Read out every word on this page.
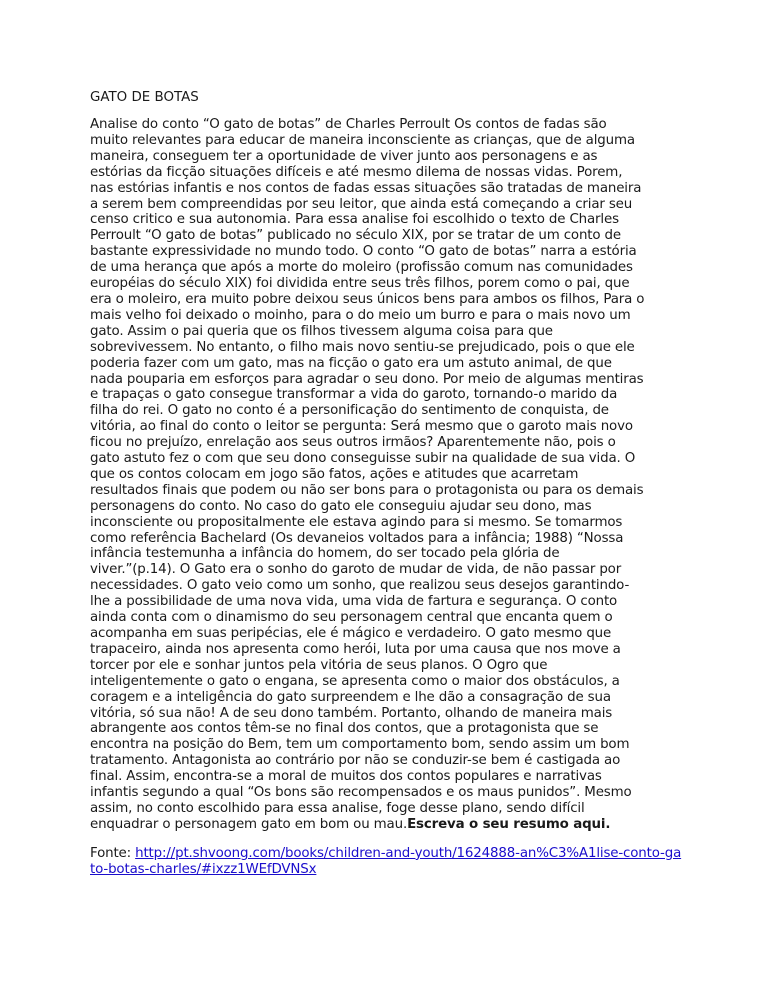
GATO DE BOTAS

Analise do conto “O gato de botas” de Charles Perroult Os contos de fadas são
muito relevantes para educar de maneira inconsciente as crianças, que de alguma
maneira, conseguem ter a oportunidade de viver junto aos personagens e as
estórias da ficção situações difíceis e até mesmo dilema de nossas vidas. Porem,
nas estórias infantis e nos contos de fadas essas situações são tratadas de maneira
a serem bem compreendidas por seu leitor, que ainda está começando a criar seu
censo critico e sua autonomia. Para essa analise foi escolhido o texto de Charles
Perroult “O gato de botas” publicado no século XIX, por se tratar de um conto de
bastante expressividade no mundo todo. O conto “O gato de botas” narra a estória
de uma herança que após a morte do moleiro (profissão comum nas comunidades
européias do século XIX) foi dividida entre seus três filhos, porem como o pai, que
era o moleiro, era muito pobre deixou seus únicos bens para ambos os filhos, Para o
mais velho foi deixado o moinho, para o do meio um burro e para o mais novo um
gato. Assim o pai queria que os filhos tivessem alguma coisa para que
sobrevivessem. No entanto, o filho mais novo sentiu-se prejudicado, pois o que ele
poderia fazer com um gato, mas na ficção o gato era um astuto animal, de que
nada pouparia em esforços para agradar o seu dono. Por meio de algumas mentiras
e trapaças o gato consegue transformar a vida do garoto, tornando-o marido da
filha do rei. O gato no conto é a personificação do sentimento de conquista, de
vitória, ao final do conto o leitor se pergunta: Será mesmo que o garoto mais novo
ficou no prejuízo, enrelação aos seus outros irmãos? Aparentemente não, pois o
gato astuto fez o com que seu dono conseguisse subir na qualidade de sua vida. O
que os contos colocam em jogo são fatos, ações e atitudes que acarretam
resultados finais que podem ou não ser bons para o protagonista ou para os demais
personagens do conto. No caso do gato ele conseguiu ajudar seu dono, mas
inconsciente ou propositalmente ele estava agindo para si mesmo. Se tomarmos
como referência Bachelard (Os devaneios voltados para a infância; 1988) “Nossa
infância testemunha a infância do homem, do ser tocado pela glória de
viver.”(p.14). O Gato era o sonho do garoto de mudar de vida, de não passar por
necessidades. O gato veio como um sonho, que realizou seus desejos garantindo-
lhe a possibilidade de uma nova vida, uma vida de fartura e segurança. O conto
ainda conta com o dinamismo do seu personagem central que encanta quem o
acompanha em suas peripécias, ele é mágico e verdadeiro. O gato mesmo que
trapaceiro, ainda nos apresenta como herói, luta por uma causa que nos move a
torcer por ele e sonhar juntos pela vitória de seus planos. O Ogro que
inteligentemente o gato o engana, se apresenta como o maior dos obstáculos, a
coragem e a inteligência do gato surpreendem e lhe dão a consagração de sua
vitória, só sua não! A de seu dono também. Portanto, olhando de maneira mais
abrangente aos contos têm-se no final dos contos, que a protagonista que se
encontra na posição do Bem, tem um comportamento bom, sendo assim um bom
tratamento. Antagonista ao contrário por não se conduzir-se bem é castigada ao
final. Assim, encontra-se a moral de muitos dos contos populares e narrativas
infantis segundo a qual “Os bons são recompensados e os maus punidos”. Mesmo
assim, no conto escolhido para essa analise, foge desse plano, sendo difícil
enquadrar o personagem gato em bom ou mau.Escreva o seu resumo aqui.

Fonte: http://pt.shvoong.com/books/children-and-youth/1624888-an%C3%A1lise-conto-gato-botas-charles/#ixzz1WEfDVNSx
